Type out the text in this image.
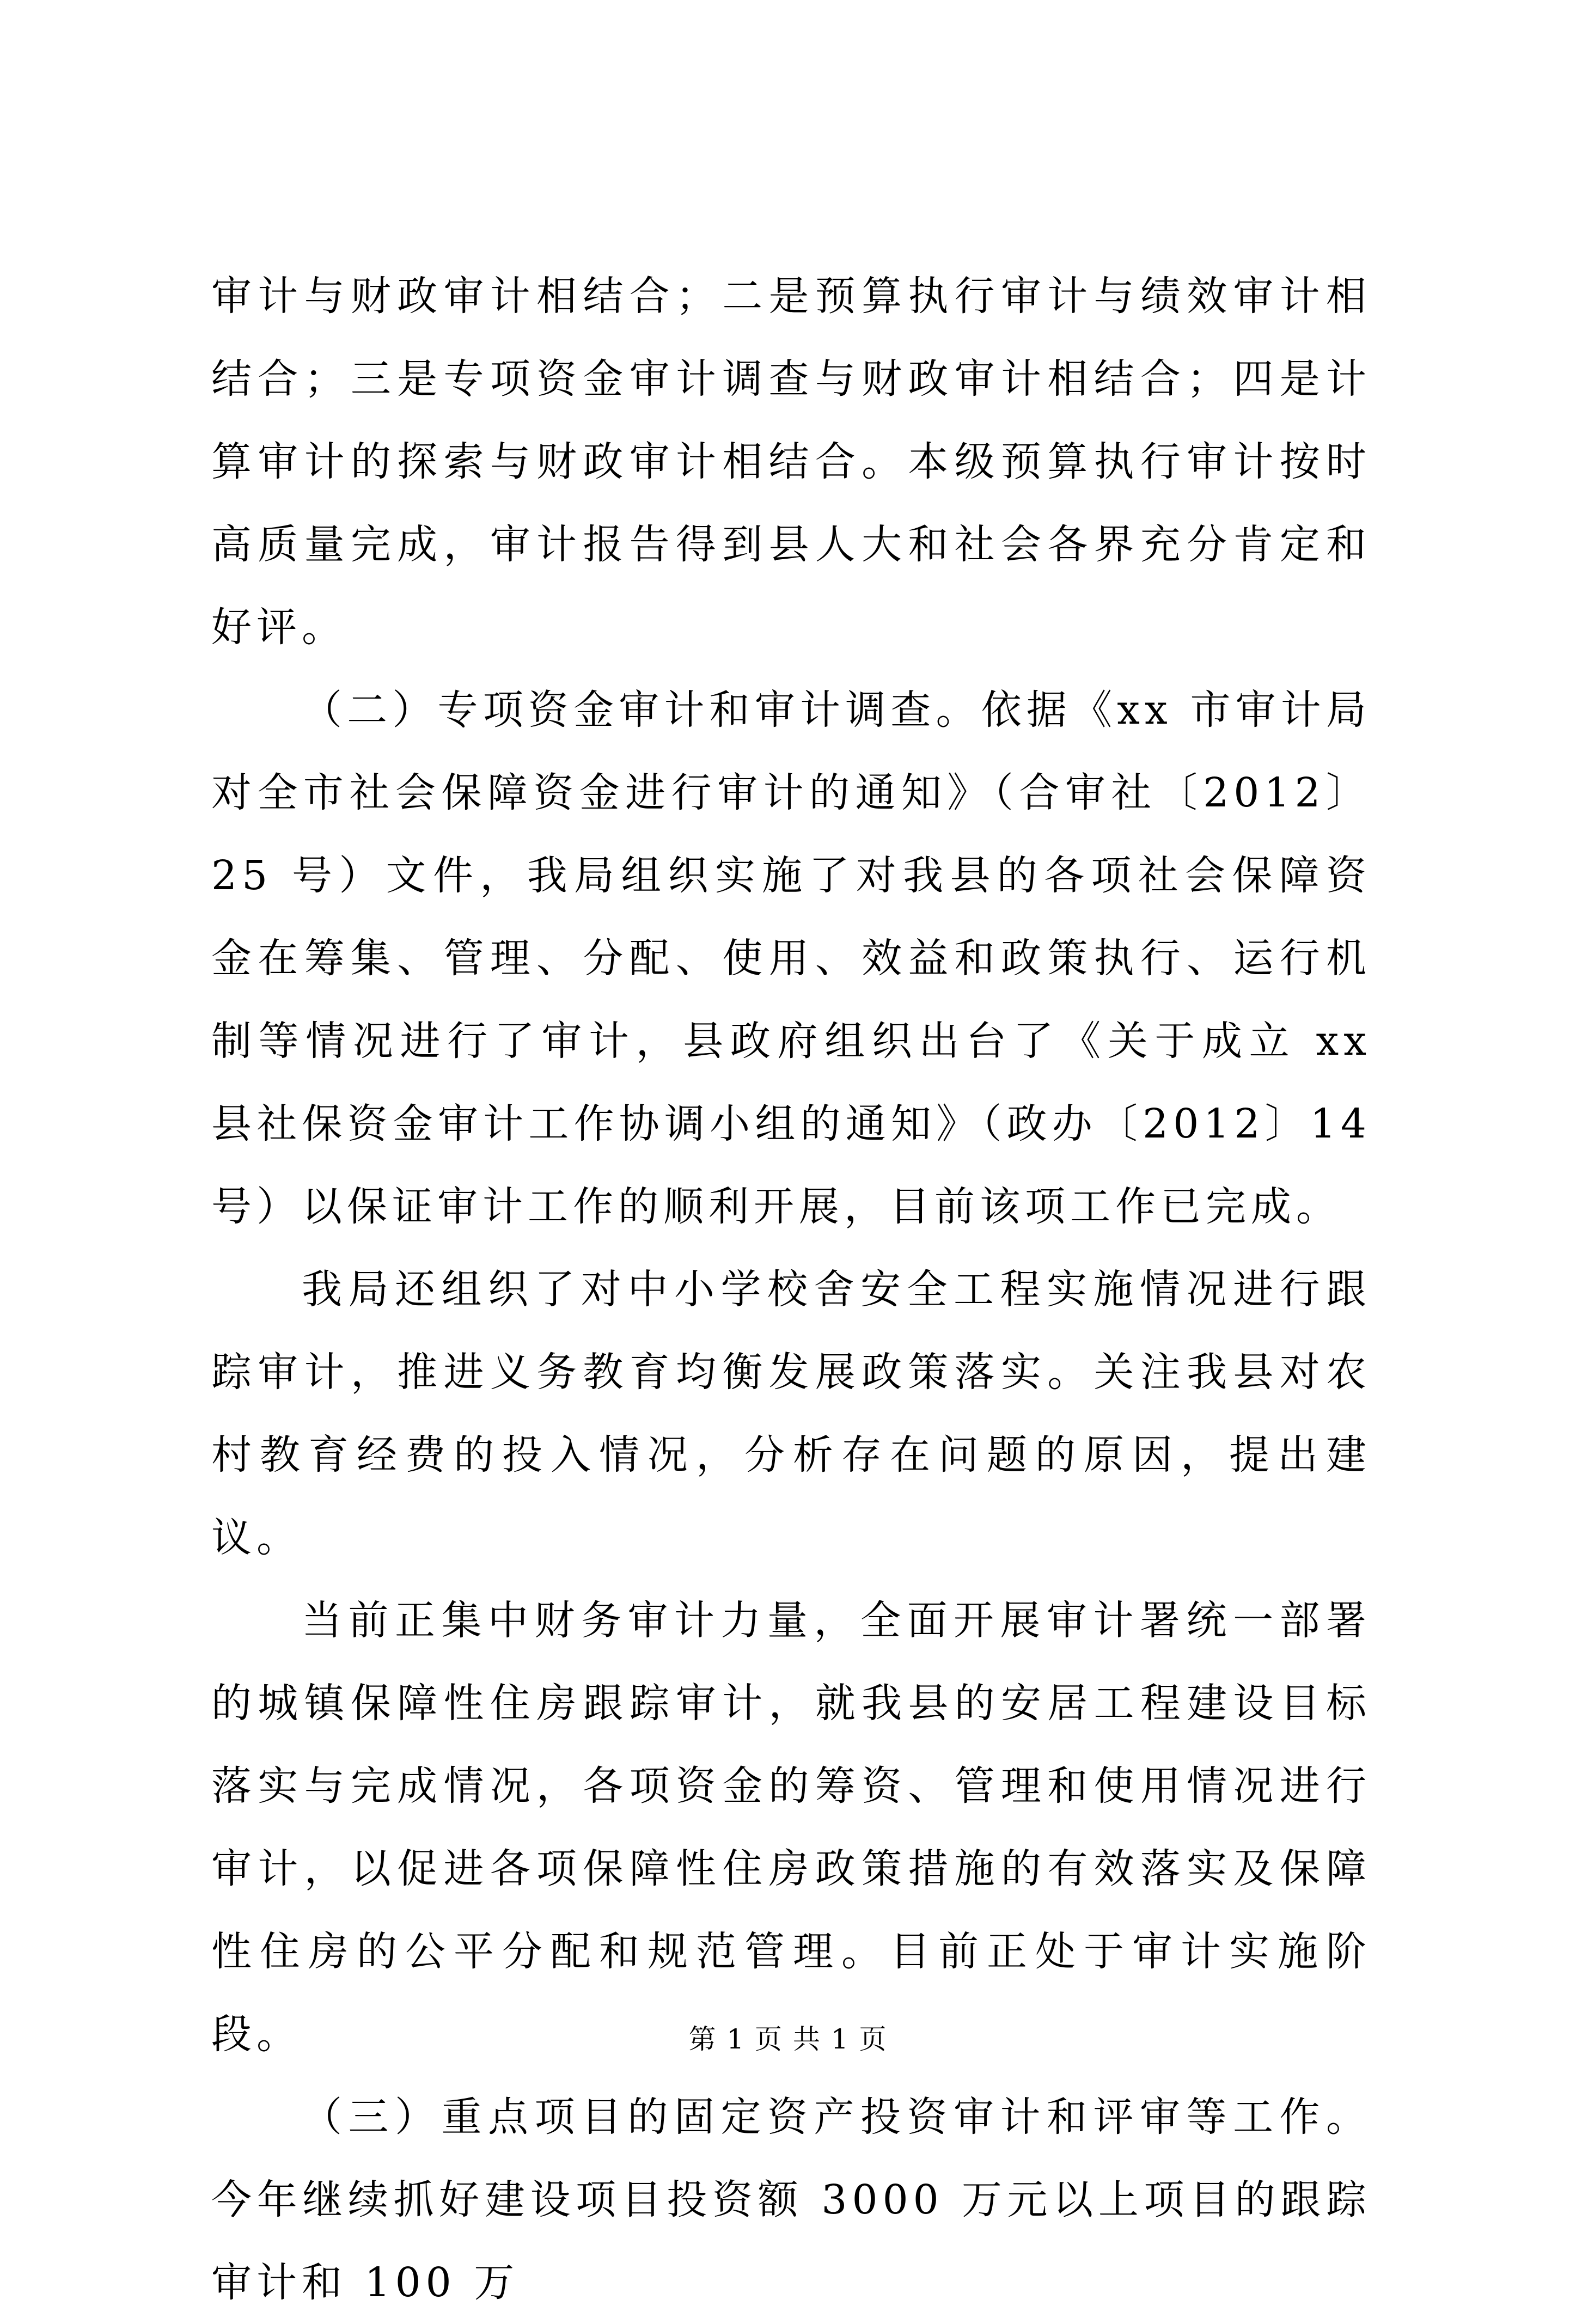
审计与财政审计相结合；二是预算执行审计与绩效审计相结合；三是专项资金审计调查与财政审计相结合；四是计算审计的探索与财政审计相结合。本级预算执行审计按时高质量完成，审计报告得到县人大和社会各界充分肯定和好评。

（二）专项资金审计和审计调查。依据《xx 市审计局对全市社会保障资金进行审计的通知》（合审社〔2012〕25 号）文件，我局组织实施了对我县的各项社会保障资金在筹集、管理、分配、使用、效益和政策执行、运行机制等情况进行了审计，县政府组织出台了《关于成立 xx 县社保资金审计工作协调小组的通知》（政办〔2012〕14 号）以保证审计工作的顺利开展，目前该项工作已完成。

我局还组织了对中小学校舍安全工程实施情况进行跟踪审计，推进义务教育均衡发展政策落实。关注我县对农村教育经费的投入情况，分析存在问题的原因，提出建议。

当前正集中财务审计力量，全面开展审计署统一部署的城镇保障性住房跟踪审计，就我县的安居工程建设目标落实与完成情况，各项资金的筹资、管理和使用情况进行审计，以促进各项保障性住房政策措施的有效落实及保障性住房的公平分配和规范管理。目前正处于审计实施阶段。

（三）重点项目的固定资产投资审计和评审等工作。今年继续抓好建设项目投资额 3000 万元以上项目的跟踪审计和 100 万

第 1 页 共 1 页
